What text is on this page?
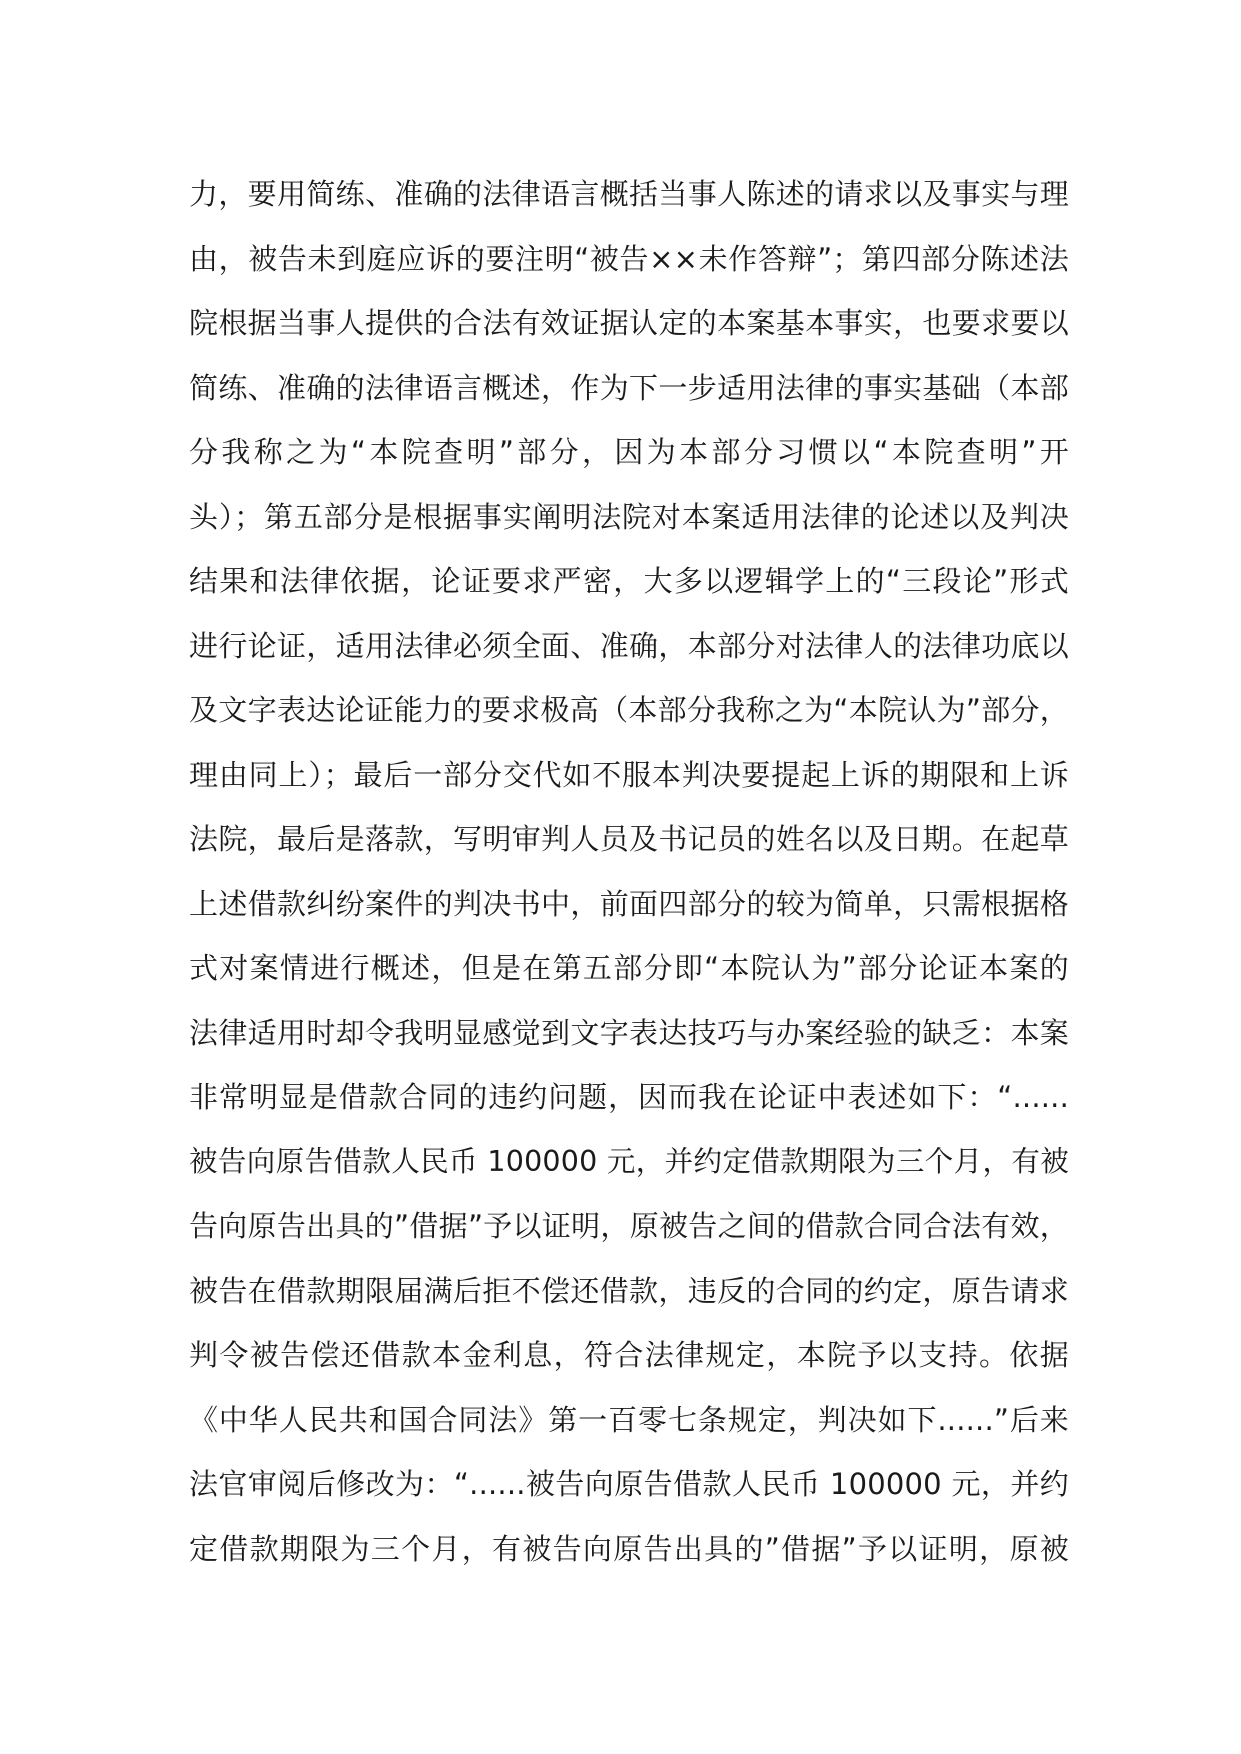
力，要用简练、准确的法律语言概括当事人陈述的请求以及事实与理
由，被告未到庭应诉的要注明“被告××未作答辩”；第四部分陈述法
院根据当事人提供的合法有效证据认定的本案基本事实，也要求要以
简练、准确的法律语言概述，作为下一步适用法律的事实基础（本部
分我称之为“本院查明”部分，因为本部分习惯以“本院查明”开
头）；第五部分是根据事实阐明法院对本案适用法律的论述以及判决
结果和法律依据，论证要求严密，大多以逻辑学上的“三段论”形式
进行论证，适用法律必须全面、准确，本部分对法律人的法律功底以
及文字表达论证能力的要求极高（本部分我称之为“本院认为”部分，
理由同上）；最后一部分交代如不服本判决要提起上诉的期限和上诉
法院，最后是落款，写明审判人员及书记员的姓名以及日期。在起草
上述借款纠纷案件的判决书中，前面四部分的较为简单，只需根据格
式对案情进行概述，但是在第五部分即“本院认为”部分论证本案的
法律适用时却令我明显感觉到文字表达技巧与办案经验的缺乏：本案
非常明显是借款合同的违约问题，因而我在论证中表述如下：“......
被告向原告借款人民币 100000 元，并约定借款期限为三个月，有被
告向原告出具的”借据”予以证明，原被告之间的借款合同合法有效，
被告在借款期限届满后拒不偿还借款，违反的合同的约定，原告请求
判令被告偿还借款本金利息，符合法律规定，本院予以支持。依据
《中华人民共和国合同法》第一百零七条规定，判决如下......”后来
法官审阅后修改为：“......被告向原告借款人民币 100000 元，并约
定借款期限为三个月，有被告向原告出具的”借据”予以证明，原被
